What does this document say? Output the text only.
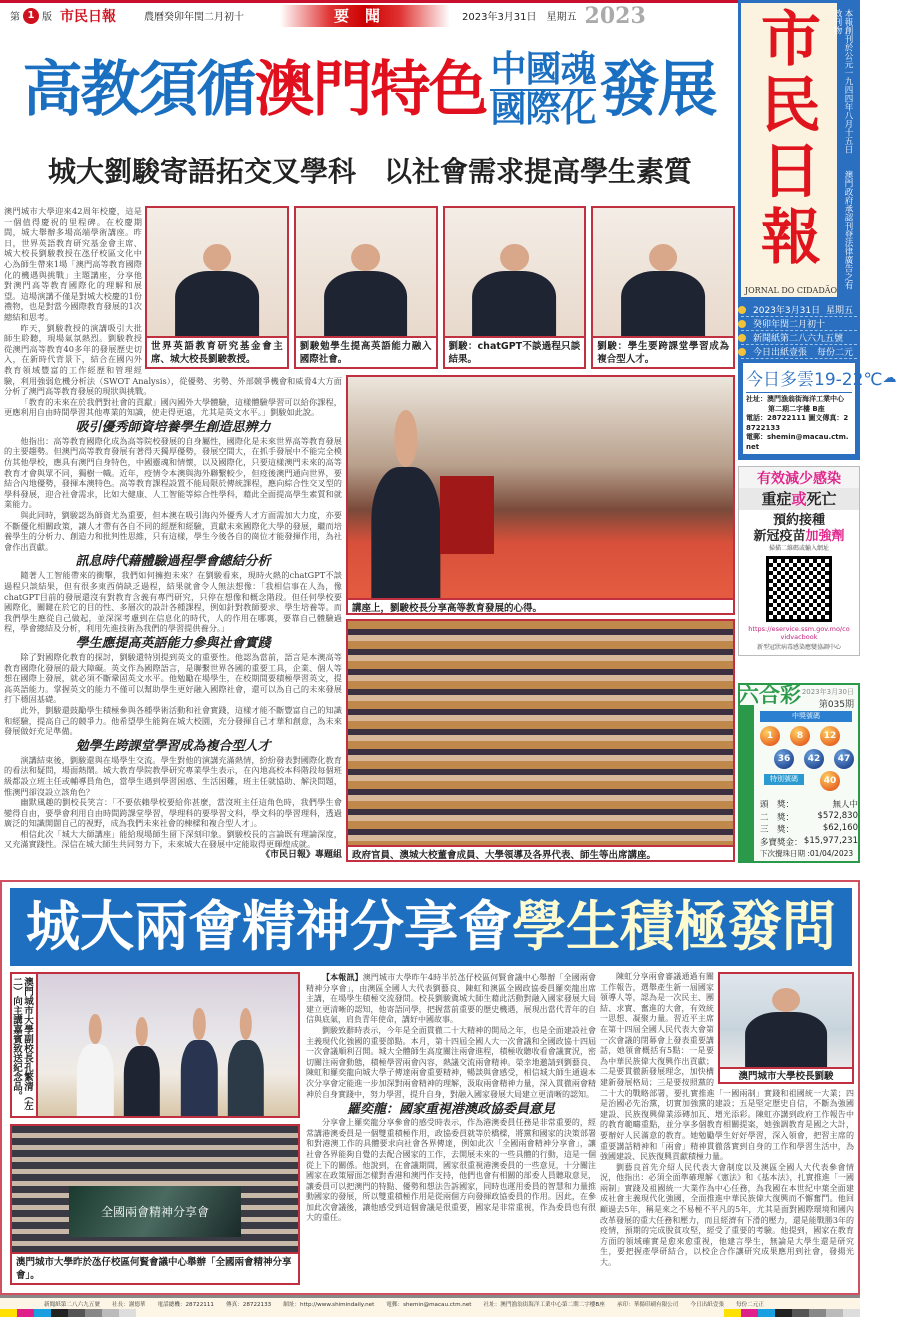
第 1 版 市民日報	農曆癸卯年閏二月初十	要聞	2023年3月31日　星期五 2023
高教須循 澳門特色 中國魂
國際化 發展
城大劉駿寄語拓交叉學科　以社會需求提高學生素質
世界英語教育研究基金會主席、城大校長劉駿教授。
劉駿勉學生提高英語能力融入國際社會。
劉駿：chatGPT不談過程只談結果。
劉駿：學生要跨課堂學習成為複合型人才。
講座上，劉駿校長分享高等教育發展的心得。
政府官員、澳城大校董會成員、大學領導及各界代表、師生等出席講座。

澳門城市大學迎來42周年校慶，這是一個值得慶祝的里程碑。在校慶期間，城大舉辦多場高端學術講座。昨日，世界英語教育研究基金會主席、城大校長劉駿教授在氹仔校區文化中心為師生帶來1場「澳門高等教育國際化的機遇與挑戰」主題講座，分享他對澳門高等教育國際化的理解和展望。這場演講不僅是對城大校慶的1份禮物，也是對當今國際教育發展的1次總結和思考。

昨天，劉駿教授的演講吸引大批師生聆聽，現場氣氛熱烈。劉駿教授從澳門高等教育40多年的發展歷史切入，在新時代背景下，結合在國內外教育領域豐富的工作經歷和管理經驗，利用強弱危機分析法（SWOT Analysis），從優勢、劣勢、外部競爭機會和威脅4大方面分析了澳門高等教育發展的現狀與挑戰。

「教育的未來在於我們對社會的貢獻」國內國外大學體驗，這樣體驗學習可以給你課程，更應利用自由時間學習其他專業的知識，使走得更遠，尤其是英文水平。」劉駿如此說。

吸引優秀師資培養學生創造思辨力

他指出：高等教育國際化成為高等院校發展的自身屬性，國際化是未來世界高等教育發展的主要趨勢。但澳門高等教育發展有著得天獨厚優勢，發展空間大，在抓手發展中不能完全模仿其他學校，應具有澳門自身特色，中國靈魂和情懷，以及國際化，只要這樣澳門未來的高等教育才會與眾不同，獨樹一幟。近年，疫情令本澳與海外聯繫較少，但疫後澳門通向世界，要結合內地優勢，發揮本澳特色。高等教育課程設置不能局限於傳統課程，應向綜合性交叉型的學科發展，迎合社會需求，比如大健康、人工智能等綜合性學科，藉此全面提高學生素質和就業能力。

與此同時，劉駿認為師資尤為重要，但本澳在吸引海內外優秀人才方面需加大力度，亦要不斷優化相關政策，讓人才帶有各自不同的經歷和經驗，貢獻未來國際化大學的發展，繼而培養學生的分析力、創造力和批判性思維，只有這樣，學生今後各自的崗位才能發揮作用，為社會作出貢獻。

訊息時代藉體驗過程學會總結分析

隨著人工智能帶來的衝擊，我們如何擁抱未來？在劉駿看來，現時火熱的chatGPT不談過程只談結果，但有很多東西倘缺乏過程，結果就會令人無法想像：「我相信事在人為，像chatGPT目前的發展還沒有對教育含義有專門研究，只停在想像和概念階段。但任何學校要國際化，關鍵在於它的目的性、多層次的設計各種課程，例如針對教師要求、學生培養等。而我們學生應從自己做起，並深深考慮到在信息化的時代，人的作用在哪裏，要靠自己體驗過程，學會總結及分析，利用先進技術為我們的學習提供養分。」

學生應提高英語能力參與社會實踐

除了對國際化教育的探討，劉駿還特別提到英文的重要性。他認為當前，語言是本澳高等教育國際化發展的最大障礙。英文作為國際語言，是聯繫世界各國的重要工具，企業、個人等想在國際上發展，就必須不斷鞏固英文水平。他勉勵在場學生，在校期間要積極學習英文，提高英語能力。掌握英文的能力不僅可以幫助學生更好融入國際社會，還可以為自己的未來發展打下穩固基礎。

此外，劉駿還鼓勵學生積極參與各種學術活動和社會實踐，這樣才能不斷豐富自己的知識和經驗，提高自己的競爭力。他希望學生能夠在城大校園，充分發揮自己才華和創意，為未來發展做好充足準備。

勉學生跨課堂學習成為複合型人才

演講結束後，劉駿還與在場學生交流。學生對他的演講充滿熱情，紛紛發表對國際化教育的看法和疑問，場面熱鬧。城大教育學院教學研究專業學生表示，在內地高校本科階段每個班級都設立班主任或輔導員角色，當學生遇到學習困惑、生活困難，班主任就協助、解決問題，惟澳門卻沒設立該角色？

幽默風趣的劉校長笑言：「不要依賴學校要給你甚麼，當沒班主任這角色時，我們學生會變得自由，要學會利用自由時間跨課堂學習，學理科的要學習文科，學文科的學習理科，透過廣泛的知識開闊自己的視野，成為我們未來社會的棟樑和複合型人才」。

相信此次「城大大師講座」能給現場師生留下深刻印象。劉駿校長的言論既有理論深度，又充滿實踐性。深信在城大師生共同努力下，未來城大在發展中定能取得更輝煌成就。

《市民日報》專題組
市民日報
本報創刊於公元一九四四年八月十五日　　澳門政府承認刊登法律廣告之有效刊物
JORNAL DO CIDADÃO
2023年3月31日 星期五
癸卯年閏二月初十
新聞紙第二八六九五號
今日出紙壹張 每份二元
今日多雲19-22℃ ☁
社址：澳門漁翁街海洋工業中心
第二期二字樓 B座
電話：28722111 圖文傳真：28722133
電郵：shemin@macau.ctm.net
有效減少感染
重症或死亡
預約接種
新冠疫苗加強劑
掃描二維碼或輸入網址
https://eservice.ssm.gov.mo/covidvacbook
新型冠狀病毒感染應變協調中心
六合彩 2023年3月30日
第035期
中獎號碼
1	8	12
36	42	47
特別號碼	40
頭　獎：	無人中
二　獎：	$572,830
三　獎：	$62,160
多寶獎金： $15,977,231
下次攪珠日期 :01/04/2023
城大兩會精神分享會 學生積極發問
澳門城市大學副校長孔繁清（左二）向主講嘉賓致送紀念品。
全國兩會精神分享會
澳門城市大學昨於氹仔校區何賢會議中心舉辦「全國兩會精神分享會」。

【本報訊】澳門城市大學昨午4時半於氹仔校區何賢會議中心舉辦「全國兩會精神分享會」，由澳區全國人大代表劉藝良、陳虹和澳區全國政協委員羅奕龍出席主講，在場學生積極交流發問。校長劉駿冀城大師生藉此活動對融入國家發展大局建立更清晰的認知，他寄語同學，把握當前重要的歷史機遇，展現出當代青年的自信與底氣，肩負青年使命，講好中國故事。

劉駿致辭時表示，今年是全面貫徹二十大精神的開局之年，也是全面建設社會主義現代化強國的重要節點。本月，第十四屆全國人大一次會議和全國政協十四屆一次會議順利召開。城大全體師生高度關注兩會進程，積極收聽收看會議實況，密切關注兩會動態，積極學習兩會內容，熱議交流兩會精神。榮幸地邀請到劉藝良、陳虹和羅奕龍向城大學子傳達兩會重要精神，暢談與會感受，相信城大師生通過本次分享會定能進一步加深對兩會精神的理解，汲取兩會精神力量，深入貫徹兩會精神於自身實踐中，努力學習，提升自身，對融入國家發展大局建立更清晰的認知。

羅奕龍：國家重視港澳政協委員意見

分享會上羅奕龍分享參會的感受時表示，作為港澳委員任務是非常重要的，經常講港澳委員是一個雙重積極作用，政協委員就等於橋樑，將黨和國家的決策部署和對港澳工作的具體要求向社會各界傳達，例如此次「全國兩會精神分享會」，讓社會各界能夠自覺的去配合國家的工作，去開展未來的一些具體的行動，這是一個從上下的關係。他說到，在會議期間，國家很重視港澳委員的一些意見，十分關注國家在政策層面怎樣對香港和澳門作支持，他們也會有相關的部委人員聽取意見，讓委員可以把澳門的特點、優勢和想法告訴國家，同時也運用委員的智慧和力量推動國家的發展，所以雙重積極作用是從兩個方向發揮政協委員的作用。因此，在參加此次會議後，讓他感受到這個會議是很重要，國家是非常重視，作為委員也有很大的重任。

澳門城市大學校長劉駿

陳虹分享兩會審議通過有關工作報告，選舉產生新一屆國家領導人等，認為是一次民主、團結、求實、奮進的大會，有效統一思想、凝聚力量。習近平主席在第十四屆全國人民代表大會第一次會議的閉幕會上發表重要講話，她領會概括有5點：一是要為中華民族偉大復興作出貢獻；二是要貫徹新發展理念，加快構建新發展格局；三是要按照黨的二十大的戰略部署，要扎實推進「一國兩制」實踐和祖國統一大業；四是治國必先治黨，切實加強黨的建設；五是堅定歷史自信，不斷為強國建設、民族復興偉業添磚加瓦、增光添彩。陳虹亦講到政府工作報告中的教育範疇重點，並分享多個教育相關提案，她強調教育是國之大計，要辦好人民滿意的教育。她勉勵學生好好學習，深入領會，把習主席的重要講話精神和「兩會」精神貫徹落實到自身的工作和學習生活中，為強國建設、民族復興貢獻積極力量。

劉藝良首先介紹人民代表大會制度以及澳區全國人大代表參會情況，他指出：必須全面準確理解《憲法》和《基本法》，扎實推進「一國兩制」實踐及祖國統一大業作為中心任務，為我國在本世紀中葉全面建成社會主義現代化強國，全面推進中華民族偉大復興而不懈奮鬥。他回顧過去5年，稱是來之不易極不平凡的5年，尤其是面對國際環境和國內改革發展的重大任務和壓力，而且經濟有下滑的壓力，還是能戰勝3年的疫情，預期的完成脫貧攻堅，經受了重要的考驗。他提到，國家在教育方面的領域確實是愈來愈重視，他建言學生，無論是大學生還是研究生，要把握產學研結合，以校企合作讓研究成果應用到社會，發揚光大。

新聞紙第二八六九五號 社長：謝德華 電話總機：28722111 傳真：28722133 網址：http://www.shimindaily.net 電郵：shemin@macau.ctm.net 社址：澳門漁翁街海洋工業中心第二期二字樓B座 承印：華揚印刷有限公司 今日出紙壹張 每份二元正
